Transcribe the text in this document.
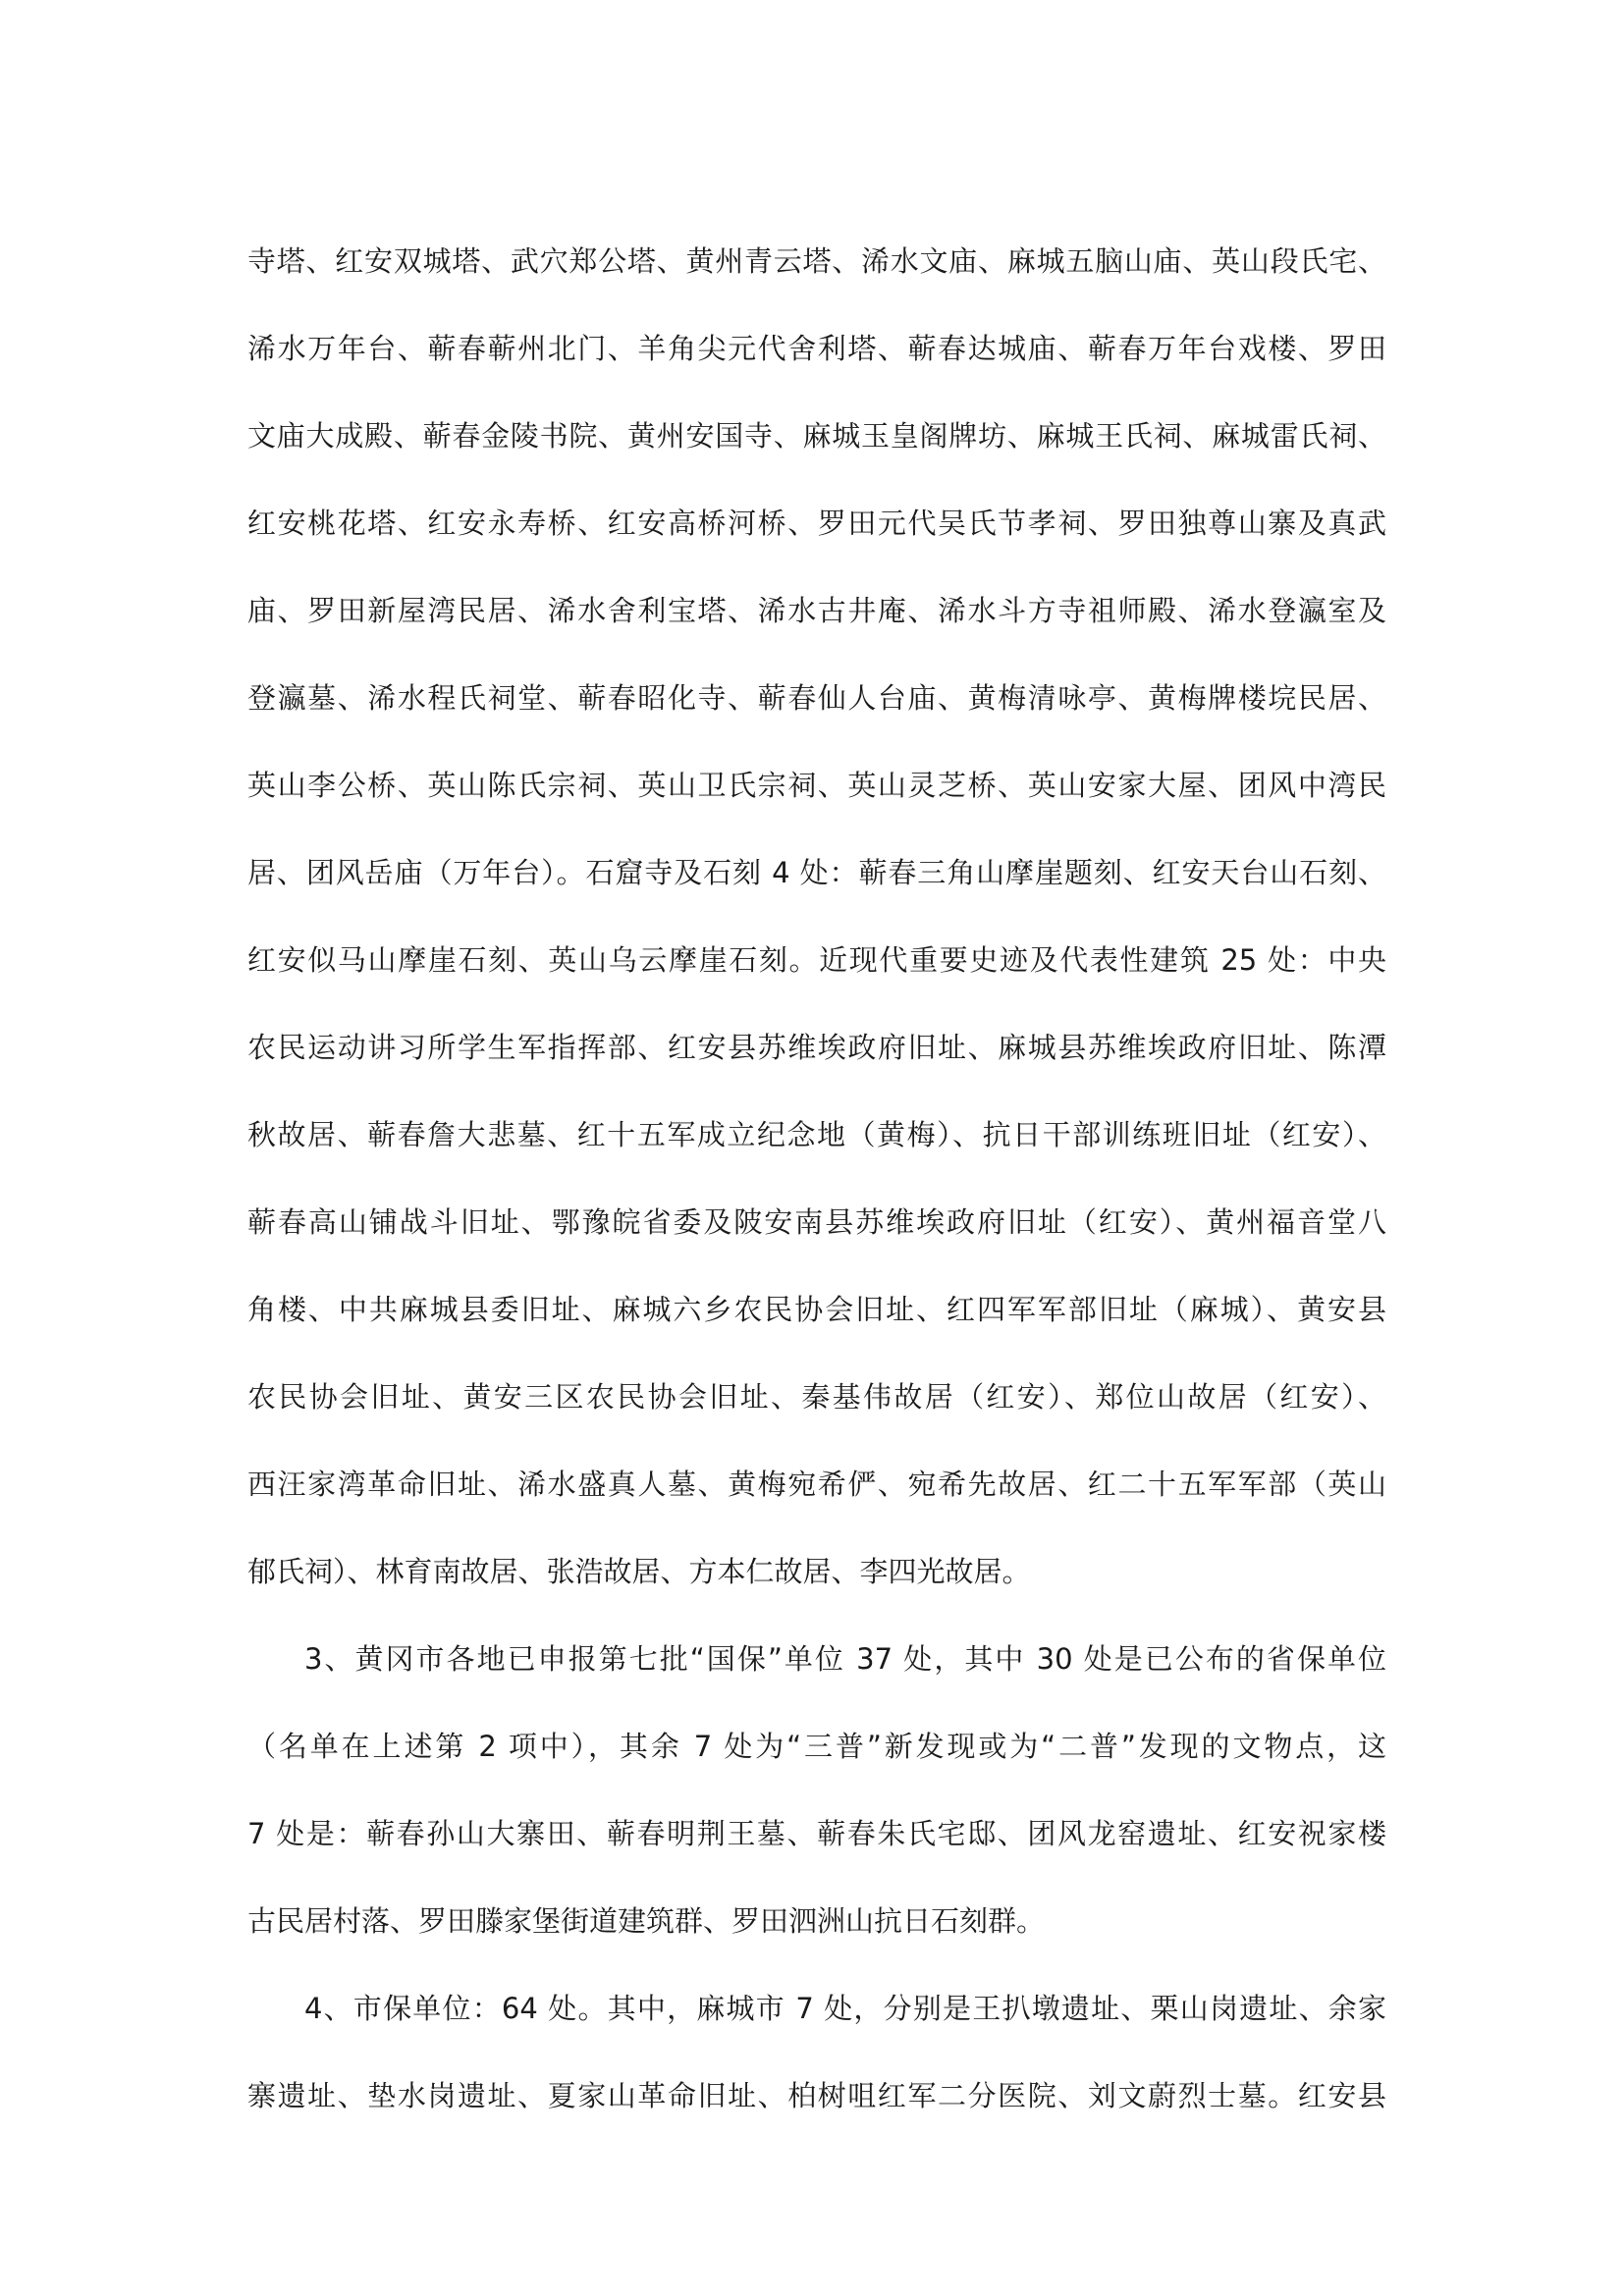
寺塔、红安双城塔、武穴郑公塔、黄州青云塔、浠水文庙、麻城五脑山庙、英山段氏宅、
浠水万年台、蕲春蕲州北门、羊角尖元代舍利塔、蕲春达城庙、蕲春万年台戏楼、罗田
文庙大成殿、蕲春金陵书院、黄州安国寺、麻城玉皇阁牌坊、麻城王氏祠、麻城雷氏祠、
红安桃花塔、红安永寿桥、红安高桥河桥、罗田元代吴氏节孝祠、罗田独尊山寨及真武
庙、罗田新屋湾民居、浠水舍利宝塔、浠水古井庵、浠水斗方寺祖师殿、浠水登瀛室及
登瀛墓、浠水程氏祠堂、蕲春昭化寺、蕲春仙人台庙、黄梅清咏亭、黄梅牌楼垸民居、
英山李公桥、英山陈氏宗祠、英山卫氏宗祠、英山灵芝桥、英山安家大屋、团风中湾民
居、团风岳庙（万年台）。石窟寺及石刻 4 处：蕲春三角山摩崖题刻、红安天台山石刻、
红安似马山摩崖石刻、英山乌云摩崖石刻。近现代重要史迹及代表性建筑 25 处：中央
农民运动讲习所学生军指挥部、红安县苏维埃政府旧址、麻城县苏维埃政府旧址、陈潭
秋故居、蕲春詹大悲墓、红十五军成立纪念地（黄梅）、抗日干部训练班旧址（红安）、
蕲春高山铺战斗旧址、鄂豫皖省委及陂安南县苏维埃政府旧址（红安）、黄州福音堂八
角楼、中共麻城县委旧址、麻城六乡农民协会旧址、红四军军部旧址（麻城）、黄安县
农民协会旧址、黄安三区农民协会旧址、秦基伟故居（红安）、郑位山故居（红安）、
西汪家湾革命旧址、浠水盛真人墓、黄梅宛希俨、宛希先故居、红二十五军军部（英山
郁氏祠）、林育南故居、张浩故居、方本仁故居、李四光故居。
3、黄冈市各地已申报第七批“国保”单位 37 处，其中 30 处是已公布的省保单位
（名单在上述第 2 项中），其余 7 处为“三普”新发现或为“二普”发现的文物点，这
7 处是：蕲春孙山大寨田、蕲春明荆王墓、蕲春朱氏宅邸、团风龙窑遗址、红安祝家楼
古民居村落、罗田滕家堡街道建筑群、罗田泗洲山抗日石刻群。
4、市保单位：64 处。其中，麻城市 7 处，分别是王扒墩遗址、栗山岗遗址、余家
寨遗址、垫水岗遗址、夏家山革命旧址、柏树咀红军二分医院、刘文蔚烈士墓。红安县
